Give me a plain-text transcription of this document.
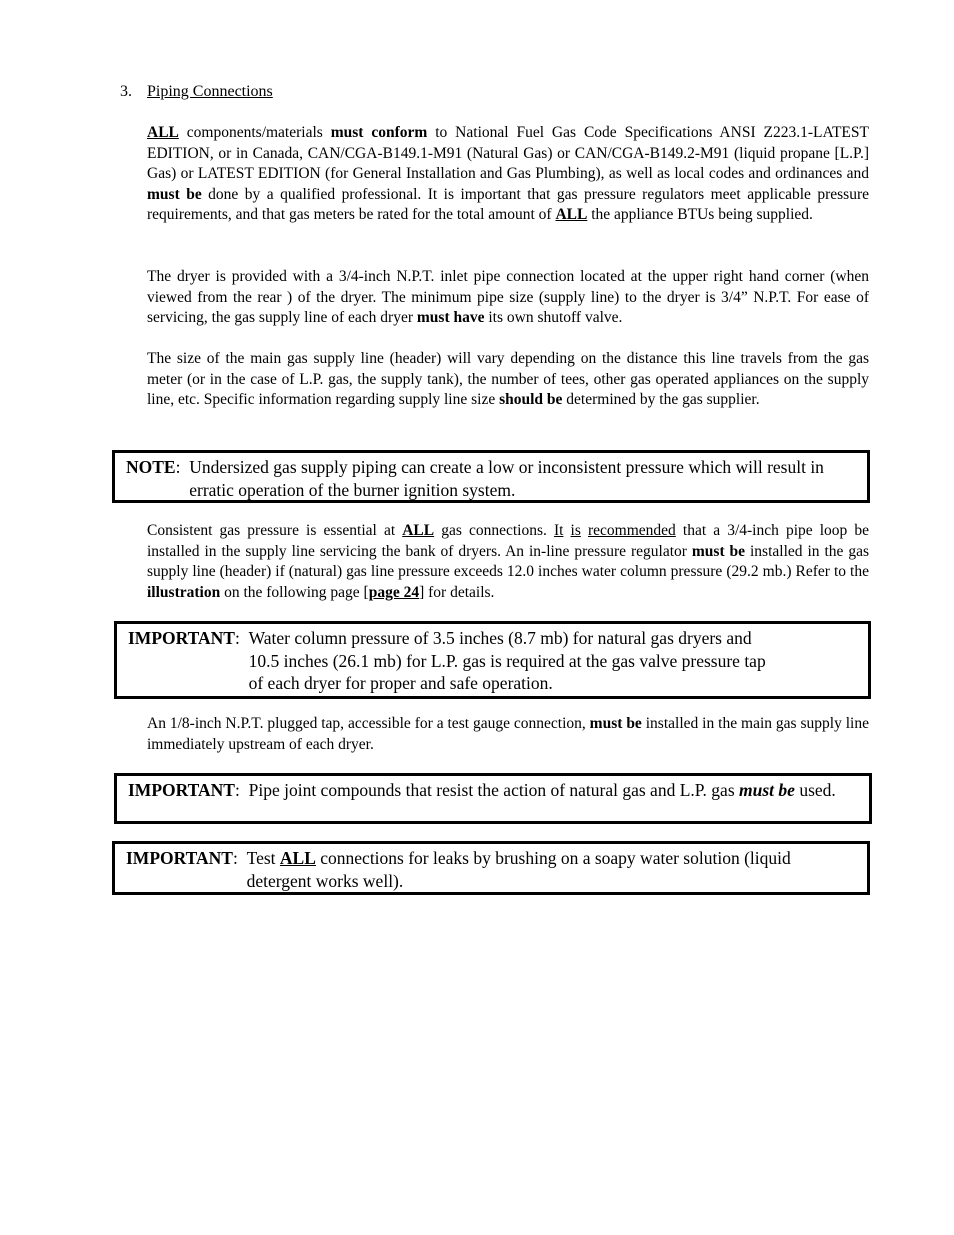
3. Piping Connections

ALL components/materials must conform to National Fuel Gas Code Specifications ANSI Z223.1-LATEST EDITION, or in Canada, CAN/CGA-B149.1-M91 (Natural Gas) or CAN/CGA-B149.2-M91 (liquid propane [L.P.] Gas) or LATEST EDITION (for General Installation and Gas Plumbing), as well as local codes and ordinances and must be done by a qualified professional. It is important that gas pressure regulators meet applicable pressure requirements, and that gas meters be rated for the total amount of ALL the appliance BTUs being supplied.

The dryer is provided with a 3/4-inch N.P.T. inlet pipe connection located at the upper right hand corner (when viewed from the rear ) of the dryer. The minimum pipe size (supply line) to the dryer is 3/4” N.P.T. For ease of servicing, the gas supply line of each dryer must have its own shutoff valve.

The size of the main gas supply line (header) will vary depending on the distance this line travels from the gas meter (or in the case of L.P. gas, the supply tank), the number of tees, other gas operated appliances on the supply line, etc. Specific information regarding supply line size should be determined by the gas supplier.

NOTE: Undersized gas supply piping can create a low or inconsistent pressure which will result in erratic operation of the burner ignition system.

Consistent gas pressure is essential at ALL gas connections. It is recommended that a 3/4-inch pipe loop be installed in the supply line servicing the bank of dryers. An in-line pressure regulator must be installed in the gas supply line (header) if (natural) gas line pressure exceeds 12.0 inches water column pressure (29.2 mb.) Refer to the illustration on the following page [page 24] for details.

IMPORTANT: Water column pressure of 3.5 inches (8.7 mb) for natural gas dryers and
10.5 inches (26.1 mb) for L.P. gas is required at the gas valve pressure tap
of each dryer for proper and safe operation.

An 1/8-inch N.P.T. plugged tap, accessible for a test gauge connection, must be installed in the main gas supply line immediately upstream of each dryer.

IMPORTANT: Pipe joint compounds that resist the action of natural gas and L.P. gas must be used.
IMPORTANT: Test ALL connections for leaks by brushing on a soapy water solution (liquid detergent works well).
